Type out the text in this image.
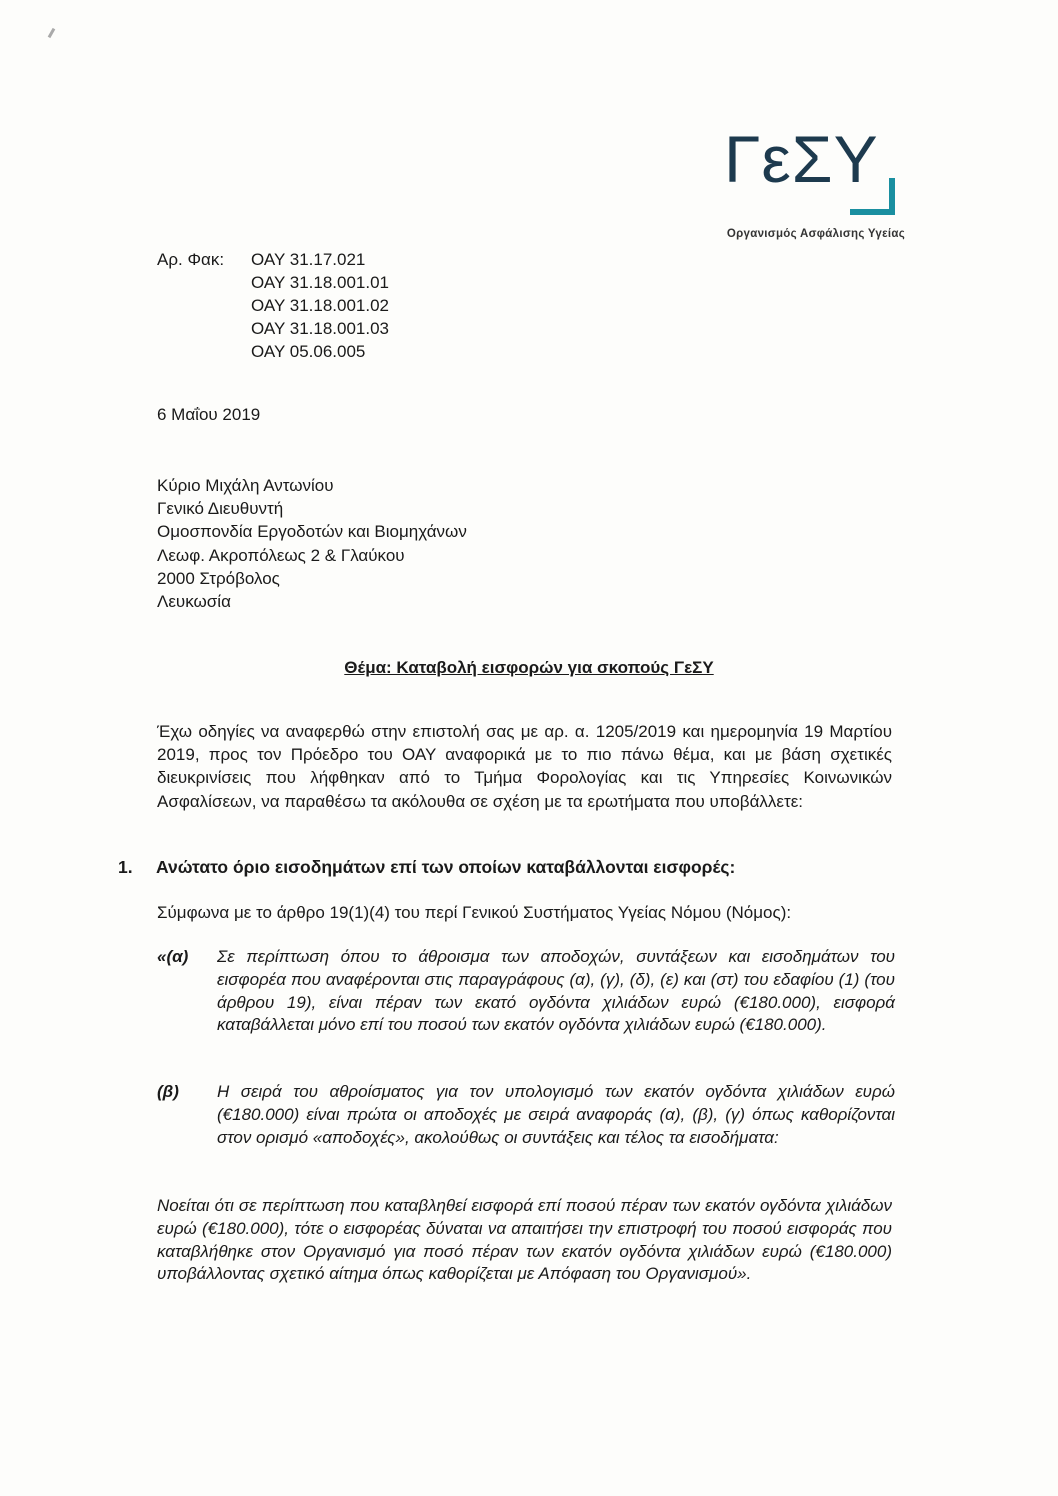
ΓεΣΥ
Οργανισμός Ασφάλισης Υγείας
Αρ. Φακ:	ΟΑΥ 31.17.021
ΟΑΥ 31.18.001.01
ΟΑΥ 31.18.001.02
ΟΑΥ 31.18.001.03
ΟΑΥ 05.06.005
6 Μαΐου 2019
Κύριο Μιχάλη Αντωνίου
Γενικό Διευθυντή
Ομοσπονδία Εργοδοτών και Βιομηχάνων
Λεωφ. Ακροπόλεως 2 & Γλαύκου
2000 Στρόβολος
Λευκωσία
Θέμα: Καταβολή εισφορών για σκοπούς ΓεΣΥ
Έχω οδηγίες να αναφερθώ στην επιστολή σας με αρ. α. 1205/2019 και ημερομηνία 19 Μαρτίου 2019, προς τον Πρόεδρο του ΟΑΥ αναφορικά με το πιο πάνω θέμα, και με βάση σχετικές διευκρινίσεις που λήφθηκαν από το Τμήμα Φορολογίας και τις Υπηρεσίες Κοινωνικών Ασφαλίσεων, να παραθέσω τα ακόλουθα σε σχέση με τα ερωτήματα που υποβάλλετε:
1. Ανώτατο όριο εισοδημάτων επί των οποίων καταβάλλονται εισφορές:
Σύμφωνα με το άρθρο 19(1)(4) του περί Γενικού Συστήματος Υγείας Νόμου (Νόμος):
«(α) Σε περίπτωση όπου το άθροισμα των αποδοχών, συντάξεων και εισοδημάτων του εισφορέα που αναφέρονται στις παραγράφους (α), (γ), (δ), (ε) και (στ) του εδαφίου (1) (του άρθρου 19), είναι πέραν των εκατό ογδόντα χιλιάδων ευρώ (€180.000), εισφορά καταβάλλεται μόνο επί του ποσού των εκατόν ογδόντα χιλιάδων ευρώ (€180.000).
(β) Η σειρά του αθροίσματος για τον υπολογισμό των εκατόν ογδόντα χιλιάδων ευρώ (€180.000) είναι πρώτα οι αποδοχές με σειρά αναφοράς (α), (β), (γ) όπως καθορίζονται στον ορισμό «αποδοχές», ακολούθως οι συντάξεις και τέλος τα εισοδήματα:
Νοείται ότι σε περίπτωση που καταβληθεί εισφορά επί ποσού πέραν των εκατόν ογδόντα χιλιάδων ευρώ (€180.000), τότε ο εισφορέας δύναται να απαιτήσει την επιστροφή του ποσού εισφοράς που καταβλήθηκε στον Οργανισμό για ποσό πέραν των εκατόν ογδόντα χιλιάδων ευρώ (€180.000) υποβάλλοντας σχετικό αίτημα όπως καθορίζεται με Απόφαση του Οργανισμού».
